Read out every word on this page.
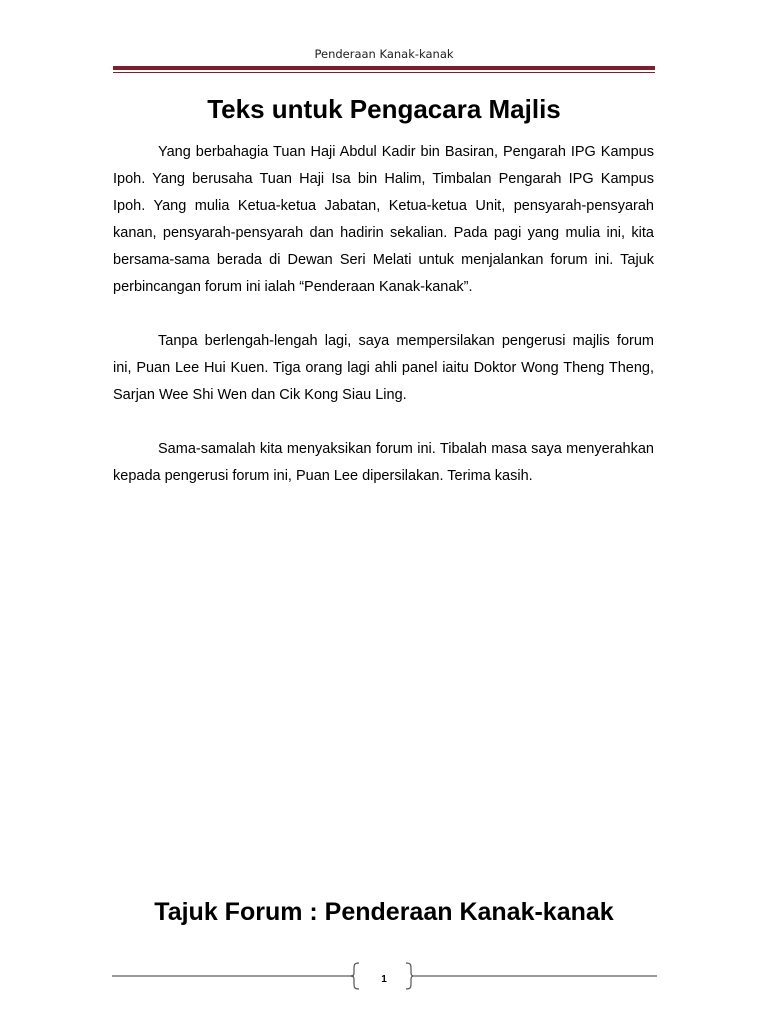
Penderaan Kanak-kanak
Teks untuk Pengacara Majlis

Yang berbahagia Tuan Haji Abdul Kadir bin Basiran, Pengarah IPG Kampus Ipoh. Yang berusaha Tuan Haji Isa bin Halim, Timbalan Pengarah IPG Kampus Ipoh. Yang mulia Ketua-ketua Jabatan, Ketua-ketua Unit, pensyarah-pensyarah kanan, pensyarah-pensyarah dan hadirin sekalian. Pada pagi yang mulia ini, kita bersama-sama berada di Dewan Seri Melati untuk menjalankan forum ini. Tajuk perbincangan forum ini ialah “Penderaan Kanak-kanak”.

Tanpa berlengah-lengah lagi, saya mempersilakan pengerusi majlis forum ini, Puan Lee Hui Kuen. Tiga orang lagi ahli panel iaitu Doktor Wong Theng Theng, Sarjan Wee Shi Wen dan Cik Kong Siau Ling.

Sama-samalah kita menyaksikan forum ini. Tibalah masa saya menyerahkan kepada pengerusi forum ini, Puan Lee dipersilakan. Terima kasih.

Tajuk Forum : Penderaan Kanak-kanak
1
